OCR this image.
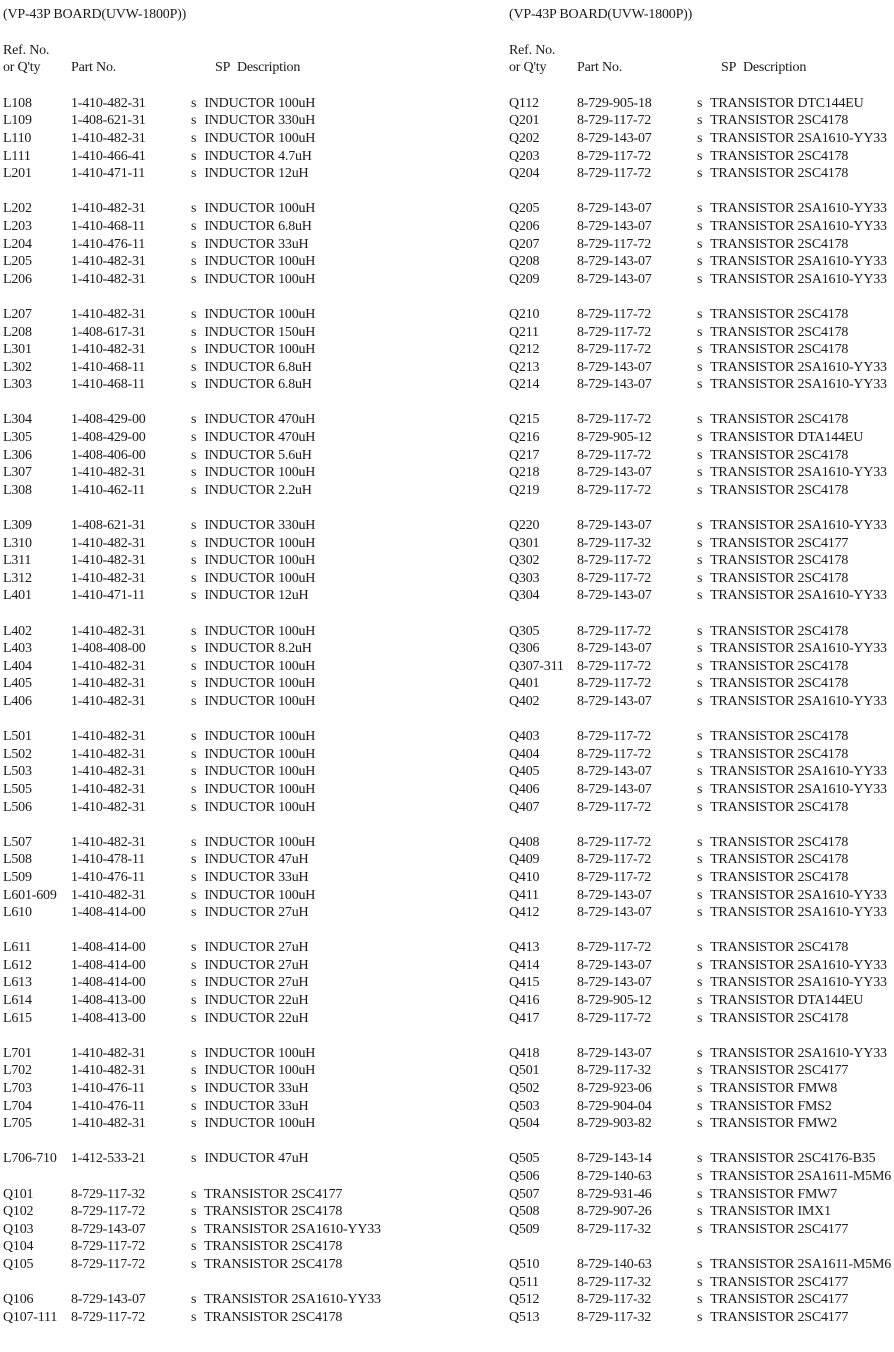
(VP-43P BOARD(UVW-1800P))
Ref. No.
or Q'ty Part No.	SP Description
L108	1-410-482-31	s INDUCTOR 100uH
L109	1-408-621-31	s INDUCTOR 330uH
L110	1-410-482-31	s INDUCTOR 100uH
L111	1-410-466-41	s INDUCTOR 4.7uH
L201	1-410-471-11	s INDUCTOR 12uH
L202	1-410-482-31	s INDUCTOR 100uH
L203	1-410-468-11	s INDUCTOR 6.8uH
L204	1-410-476-11	s INDUCTOR 33uH
L205	1-410-482-31	s INDUCTOR 100uH
L206	1-410-482-31	s INDUCTOR 100uH
L207	1-410-482-31	s INDUCTOR 100uH
L208	1-408-617-31	s INDUCTOR 150uH
L301	1-410-482-31	s INDUCTOR 100uH
L302	1-410-468-11	s INDUCTOR 6.8uH
L303	1-410-468-11	s INDUCTOR 6.8uH
L304	1-408-429-00	s INDUCTOR 470uH
L305	1-408-429-00	s INDUCTOR 470uH
L306	1-408-406-00	s INDUCTOR 5.6uH
L307	1-410-482-31	s INDUCTOR 100uH
L308	1-410-462-11	s INDUCTOR 2.2uH
L309	1-408-621-31	s INDUCTOR 330uH
L310	1-410-482-31	s INDUCTOR 100uH
L311	1-410-482-31	s INDUCTOR 100uH
L312	1-410-482-31	s INDUCTOR 100uH
L401	1-410-471-11	s INDUCTOR 12uH
L402	1-410-482-31	s INDUCTOR 100uH
L403	1-408-408-00	s INDUCTOR 8.2uH
L404	1-410-482-31	s INDUCTOR 100uH
L405	1-410-482-31	s INDUCTOR 100uH
L406	1-410-482-31	s INDUCTOR 100uH
L501	1-410-482-31	s INDUCTOR 100uH
L502	1-410-482-31	s INDUCTOR 100uH
L503	1-410-482-31	s INDUCTOR 100uH
L505	1-410-482-31	s INDUCTOR 100uH
L506	1-410-482-31	s INDUCTOR 100uH
L507	1-410-482-31	s INDUCTOR 100uH
L508	1-410-478-11	s INDUCTOR 47uH
L509	1-410-476-11	s INDUCTOR 33uH
L601-609 1-410-482-31	s INDUCTOR 100uH
L610	1-408-414-00	s INDUCTOR 27uH
L611	1-408-414-00	s INDUCTOR 27uH
L612	1-408-414-00	s INDUCTOR 27uH
L613	1-408-414-00	s INDUCTOR 27uH
L614	1-408-413-00	s INDUCTOR 22uH
L615	1-408-413-00	s INDUCTOR 22uH
L701	1-410-482-31	s INDUCTOR 100uH
L702	1-410-482-31	s INDUCTOR 100uH
L703	1-410-476-11	s INDUCTOR 33uH
L704	1-410-476-11	s INDUCTOR 33uH
L705	1-410-482-31	s INDUCTOR 100uH
L706-710 1-412-533-21	s INDUCTOR 47uH
Q101	8-729-117-32	s TRANSISTOR 2SC4177
Q102	8-729-117-72	s TRANSISTOR 2SC4178
Q103	8-729-143-07	s TRANSISTOR 2SA1610-YY33
Q104	8-729-117-72	s TRANSISTOR 2SC4178
Q105	8-729-117-72	s TRANSISTOR 2SC4178
Q106	8-729-143-07	s TRANSISTOR 2SA1610-YY33
Q107-111 8-729-117-72	s TRANSISTOR 2SC4178
(VP-43P BOARD(UVW-1800P))
Ref. No.
or Q'ty Part No.	SP Description
Q112	8-729-905-18	s TRANSISTOR DTC144EU
Q201	8-729-117-72	s TRANSISTOR 2SC4178
Q202	8-729-143-07	s TRANSISTOR 2SA1610-YY33
Q203	8-729-117-72	s TRANSISTOR 2SC4178
Q204	8-729-117-72	s TRANSISTOR 2SC4178
Q205	8-729-143-07	s TRANSISTOR 2SA1610-YY33
Q206	8-729-143-07	s TRANSISTOR 2SA1610-YY33
Q207	8-729-117-72	s TRANSISTOR 2SC4178
Q208	8-729-143-07	s TRANSISTOR 2SA1610-YY33
Q209	8-729-143-07	s TRANSISTOR 2SA1610-YY33
Q210	8-729-117-72	s TRANSISTOR 2SC4178
Q211	8-729-117-72	s TRANSISTOR 2SC4178
Q212	8-729-117-72	s TRANSISTOR 2SC4178
Q213	8-729-143-07	s TRANSISTOR 2SA1610-YY33
Q214	8-729-143-07	s TRANSISTOR 2SA1610-YY33
Q215	8-729-117-72	s TRANSISTOR 2SC4178
Q216	8-729-905-12	s TRANSISTOR DTA144EU
Q217	8-729-117-72	s TRANSISTOR 2SC4178
Q218	8-729-143-07	s TRANSISTOR 2SA1610-YY33
Q219	8-729-117-72	s TRANSISTOR 2SC4178
Q220	8-729-143-07	s TRANSISTOR 2SA1610-YY33
Q301	8-729-117-32	s TRANSISTOR 2SC4177
Q302	8-729-117-72	s TRANSISTOR 2SC4178
Q303	8-729-117-72	s TRANSISTOR 2SC4178
Q304	8-729-143-07	s TRANSISTOR 2SA1610-YY33
Q305	8-729-117-72	s TRANSISTOR 2SC4178
Q306	8-729-143-07	s TRANSISTOR 2SA1610-YY33
Q307-311 8-729-117-72	s TRANSISTOR 2SC4178
Q401	8-729-117-72	s TRANSISTOR 2SC4178
Q402	8-729-143-07	s TRANSISTOR 2SA1610-YY33
Q403	8-729-117-72	s TRANSISTOR 2SC4178
Q404	8-729-117-72	s TRANSISTOR 2SC4178
Q405	8-729-143-07	s TRANSISTOR 2SA1610-YY33
Q406	8-729-143-07	s TRANSISTOR 2SA1610-YY33
Q407	8-729-117-72	s TRANSISTOR 2SC4178
Q408	8-729-117-72	s TRANSISTOR 2SC4178
Q409	8-729-117-72	s TRANSISTOR 2SC4178
Q410	8-729-117-72	s TRANSISTOR 2SC4178
Q411	8-729-143-07	s TRANSISTOR 2SA1610-YY33
Q412	8-729-143-07	s TRANSISTOR 2SA1610-YY33
Q413	8-729-117-72	s TRANSISTOR 2SC4178
Q414	8-729-143-07	s TRANSISTOR 2SA1610-YY33
Q415	8-729-143-07	s TRANSISTOR 2SA1610-YY33
Q416	8-729-905-12	s TRANSISTOR DTA144EU
Q417	8-729-117-72	s TRANSISTOR 2SC4178
Q418	8-729-143-07	s TRANSISTOR 2SA1610-YY33
Q501	8-729-117-32	s TRANSISTOR 2SC4177
Q502	8-729-923-06	s TRANSISTOR FMW8
Q503	8-729-904-04	s TRANSISTOR FMS2
Q504	8-729-903-82	s TRANSISTOR FMW2
Q505	8-729-143-14	s TRANSISTOR 2SC4176-B35
Q506	8-729-140-63	s TRANSISTOR 2SA1611-M5M6
Q507	8-729-931-46	s TRANSISTOR FMW7
Q508	8-729-907-26	s TRANSISTOR IMX1
Q509	8-729-117-32	s TRANSISTOR 2SC4177
Q510	8-729-140-63	s TRANSISTOR 2SA1611-M5M6
Q511	8-729-117-32	s TRANSISTOR 2SC4177
Q512	8-729-117-32	s TRANSISTOR 2SC4177
Q513	8-729-117-32	s TRANSISTOR 2SC4177
